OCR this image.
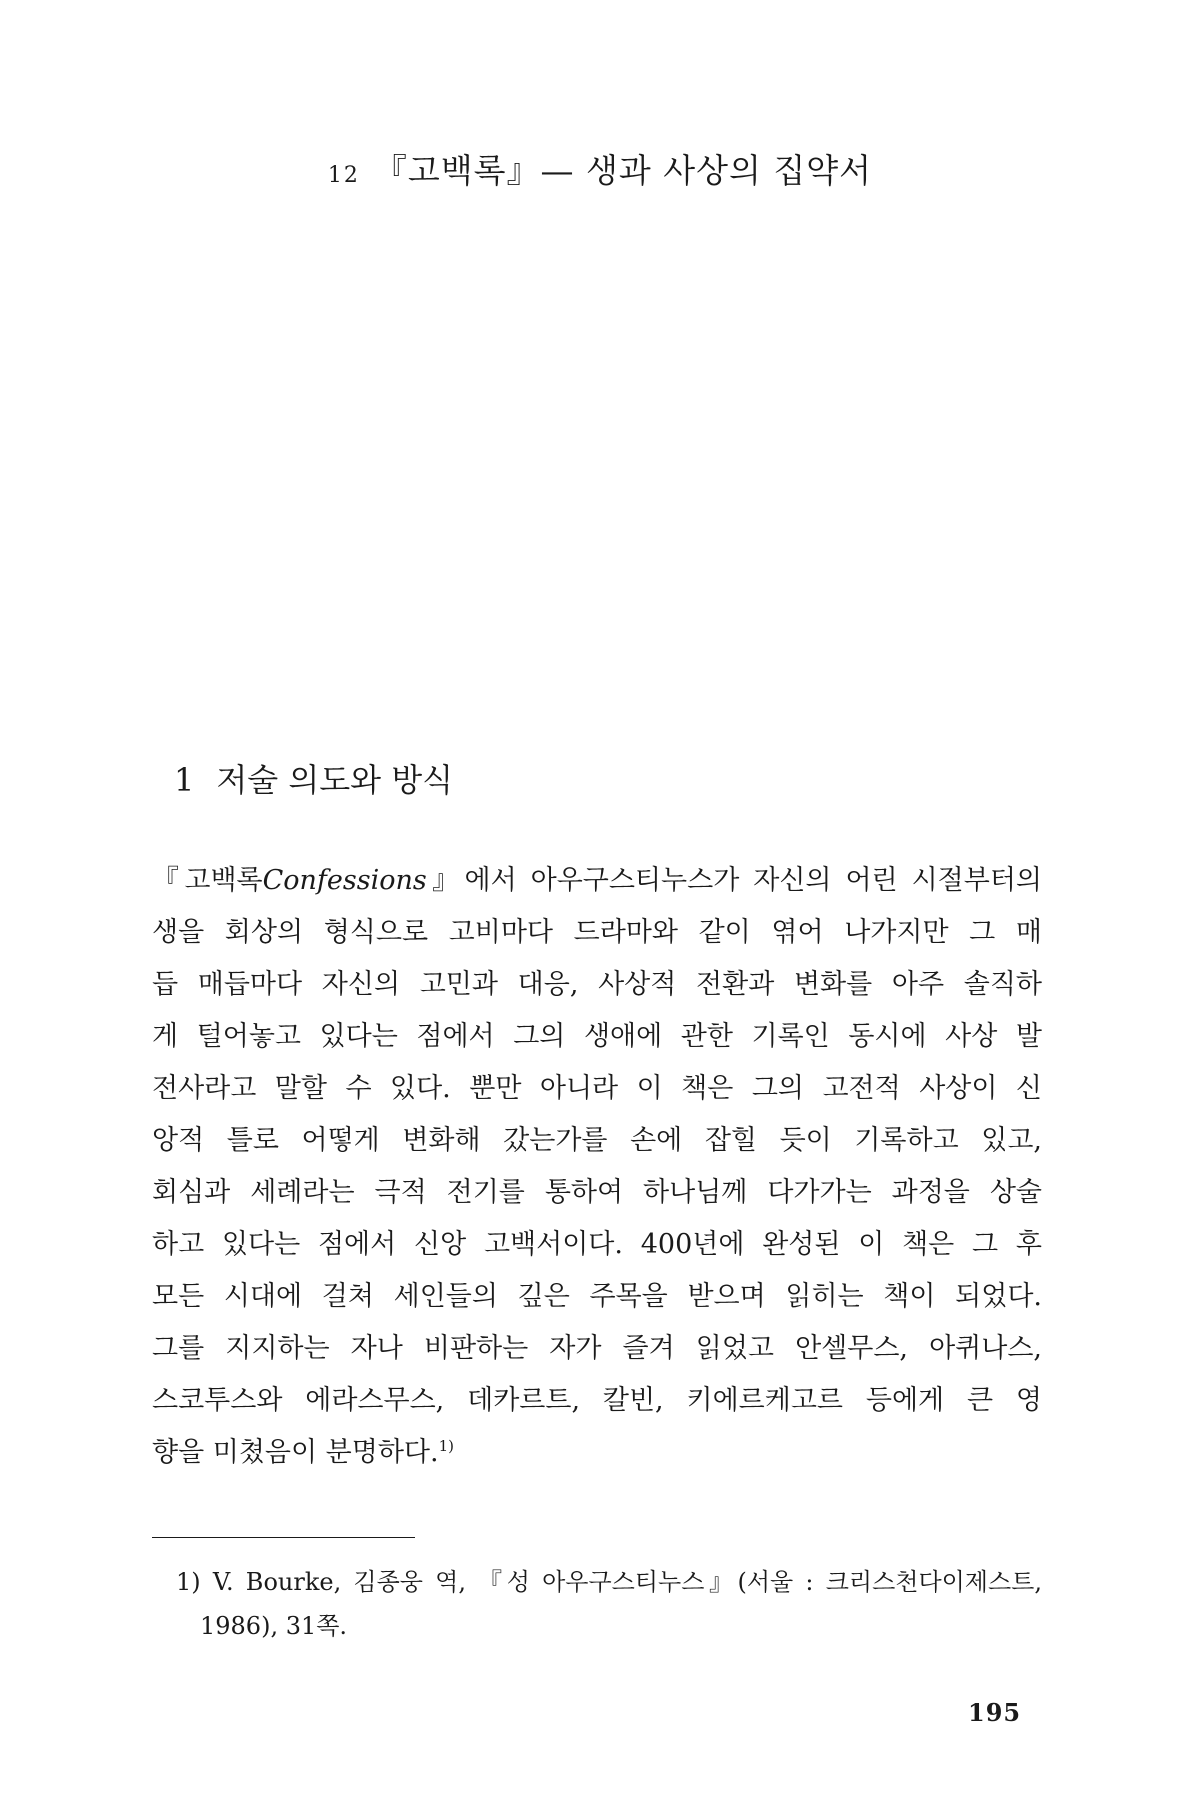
12 『고백록』— 생과 사상의 집약서
1 저술 의도와 방식
『고백록Confessions』에서 아우구스티누스가 자신의 어린 시절부터의
생을 회상의 형식으로 고비마다 드라마와 같이 엮어 나가지만 그 매
듭 매듭마다 자신의 고민과 대응, 사상적 전환과 변화를 아주 솔직하
게 털어놓고 있다는 점에서 그의 생애에 관한 기록인 동시에 사상 발
전사라고 말할 수 있다. 뿐만 아니라 이 책은 그의 고전적 사상이 신
앙적 틀로 어떻게 변화해 갔는가를 손에 잡힐 듯이 기록하고 있고,
회심과 세례라는 극적 전기를 통하여 하나님께 다가가는 과정을 상술
하고 있다는 점에서 신앙 고백서이다. 400년에 완성된 이 책은 그 후
모든 시대에 걸쳐 세인들의 깊은 주목을 받으며 읽히는 책이 되었다.
그를 지지하는 자나 비판하는 자가 즐겨 읽었고 안셀무스, 아퀴나스,
스코투스와 에라스무스, 데카르트, 칼빈, 키에르케고르 등에게 큰 영
향을 미쳤음이 분명하다.$^{1)}$
1) V. Bourke, 김종웅 역, 『성 아우구스티누스』(서울 : 크리스천다이제스트,
1986), 31쪽.
195
